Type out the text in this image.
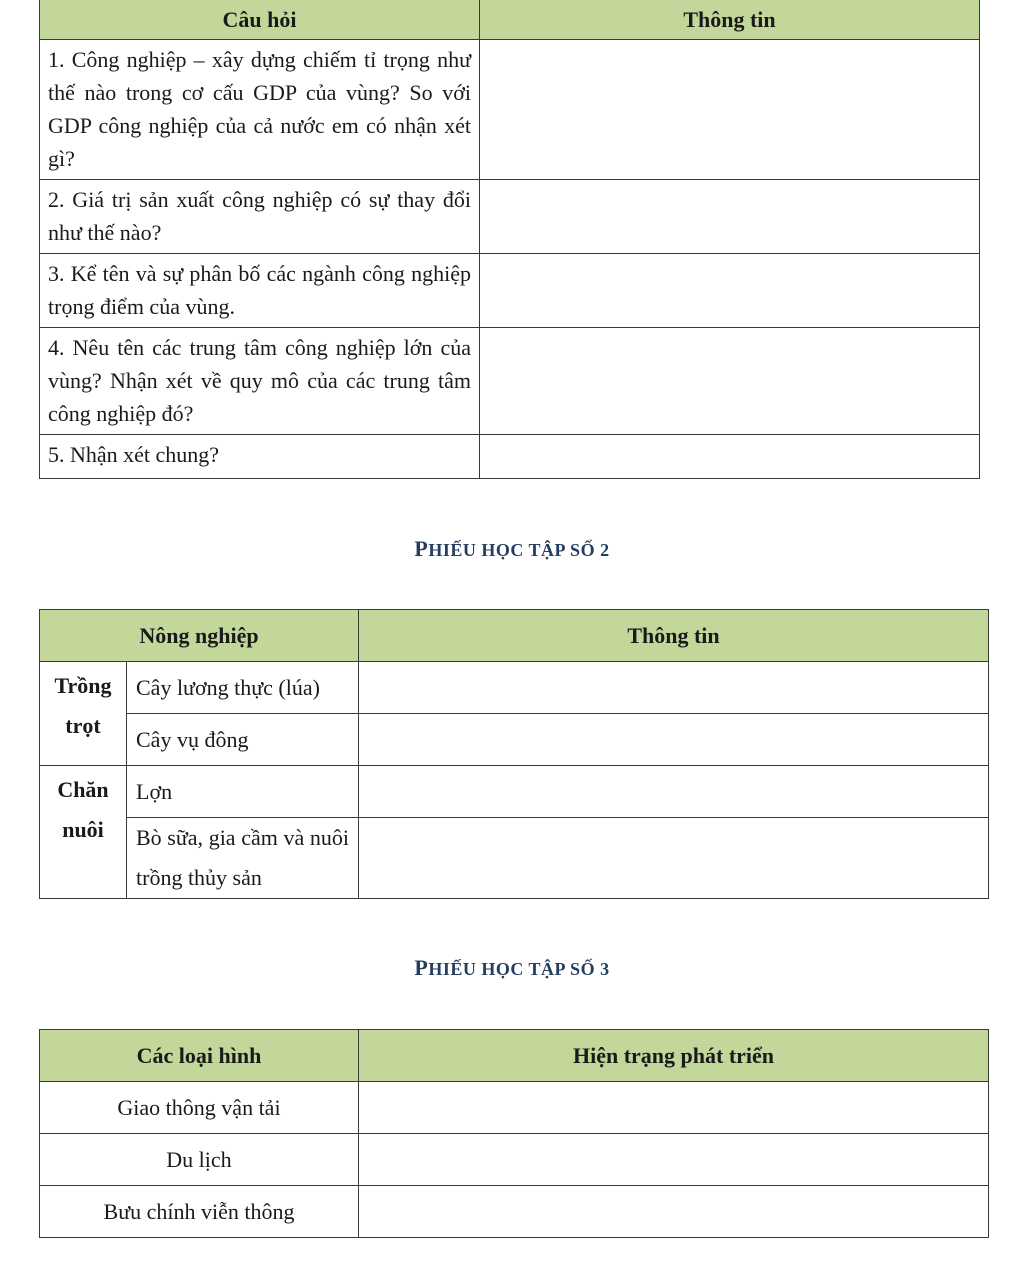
Câu hỏi	Thông tin
1. Công nghiệp – xây dựng chiếm tỉ trọng như thế nào trong cơ cấu GDP của vùng? So với GDP công nghiệp của cả nước em có nhận xét gì?	
2. Giá trị sản xuất công nghiệp có sự thay đổi như thế nào?	
3. Kể tên và sự phân bố các ngành công nghiệp trọng điểm của vùng.	
4. Nêu tên các trung tâm công nghiệp lớn của vùng? Nhận xét về quy mô của các trung tâm công nghiệp đó?	
5. Nhận xét chung?	
PHIẾU HỌC TẬP SỐ 2
Nông nghiệp		Thông tin
Trồng trọt	Cây lương thực (lúa)	
	Cây vụ đông	
Chăn nuôi	Lợn	
	Bò sữa, gia cầm và nuôi trồng thủy sản	
PHIẾU HỌC TẬP SỐ 3
Các loại hình	Hiện trạng phát triển
Giao thông vận tải	
Du lịch	
Bưu chính viễn thông	
